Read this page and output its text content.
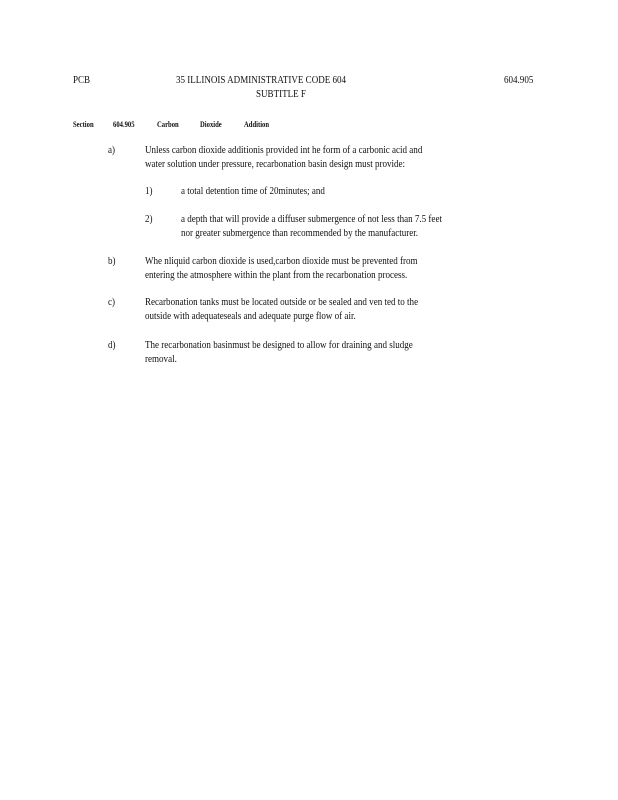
PCB	35 ILLINOIS ADMINISTRATIVE CODE 604
SUBTITLE F
604.905
Section 604.905	Carbon	Dioxide	Addition
a)	Unless carbon dioxide additionis provided int he form of a carbonic acid and
water solution under pressure, recarbonation basin design must provide:
1)	a total detention time of 20minutes; and
2)	a depth that will provide a diffuser submergence of not less than 7.5 feet
nor greater submergence than recommended by the manufacturer.
b)	Whe nliquid carbon dioxide is used,carbon dioxide must be prevented from
entering the atmosphere within the plant from the recarbonation process.
c)	Recarbonation tanks must be located outside or be sealed and ven ted to the
outside with adequateseals and adequate purge flow of air.
d)	The recarbonation basinmust be designed to allow for draining and sludge
removal.
